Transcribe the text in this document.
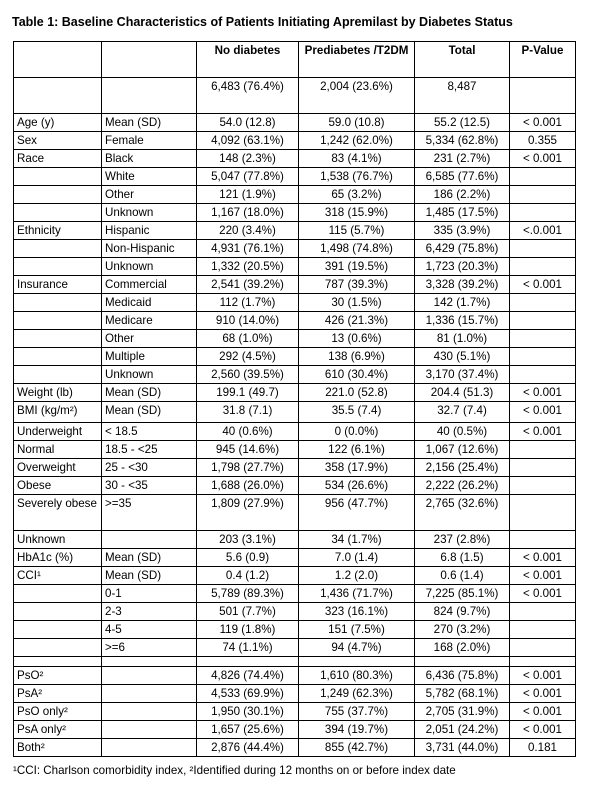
Table 1: Baseline Characteristics of Patients Initiating Apremilast by Diabetes Status
		No diabetes	Prediabetes /T2DM	Total	P-Value
		6,483 (76.4%)	2,004 (23.6%)	8,487	
Age (y)	Mean (SD)	54.0 (12.8)	59.0 (10.8)	55.2 (12.5)	< 0.001
Sex	Female	4,092 (63.1%)	1,242 (62.0%)	5,334 (62.8%)	0.355
Race	Black	148 (2.3%)	83 (4.1%)	231 (2.7%)	< 0.001
	White	5,047 (77.8%)	1,538 (76.7%)	6,585 (77.6%)	
	Other	121 (1.9%)	65 (3.2%)	186 (2.2%)	
	Unknown	1,167 (18.0%)	318 (15.9%)	1,485 (17.5%)	
Ethnicity	Hispanic	220 (3.4%)	115 (5.7%)	335 (3.9%)	<.0.001
	Non-Hispanic	4,931 (76.1%)	1,498 (74.8%)	6,429 (75.8%)	
	Unknown	1,332 (20.5%)	391 (19.5%)	1,723 (20.3%)	
Insurance	Commercial	2,541 (39.2%)	787 (39.3%)	3,328 (39.2%)	< 0.001
	Medicaid	112 (1.7%)	30 (1.5%)	142 (1.7%)	
	Medicare	910 (14.0%)	426 (21.3%)	1,336 (15.7%)	
	Other	68 (1.0%)	13 (0.6%)	81 (1.0%)	
	Multiple	292 (4.5%)	138 (6.9%)	430 (5.1%)	
	Unknown	2,560 (39.5%)	610 (30.4%)	3,170 (37.4%)	
Weight (lb)	Mean (SD)	199.1 (49.7)	221.0 (52.8)	204.4 (51.3)	< 0.001
BMI (kg/m²)	Mean (SD)	31.8 (7.1)	35.5 (7.4)	32.7 (7.4)	< 0.001
Underweight	< 18.5	40 (0.6%)	0 (0.0%)	40 (0.5%)	< 0.001
Normal	18.5 - <25	945 (14.6%)	122 (6.1%)	1,067 (12.6%)	
Overweight	25 - <30	1,798 (27.7%)	358 (17.9%)	2,156 (25.4%)	
Obese	30 - <35	1,688 (26.0%)	534 (26.6%)	2,222 (26.2%)	
Severely obese	>=35	1,809 (27.9%)	956 (47.7%)	2,765 (32.6%)	
Unknown		203 (3.1%)	34 (1.7%)	237 (2.8%)	
HbA1c (%)	Mean (SD)	5.6 (0.9)	7.0 (1.4)	6.8 (1.5)	< 0.001
CCI¹	Mean (SD)	0.4 (1.2)	1.2 (2.0)	0.6 (1.4)	< 0.001
	0-1	5,789 (89.3%)	1,436 (71.7%)	7,225 (85.1%)	< 0.001
	2-3	501 (7.7%)	323 (16.1%)	824 (9.7%)	
	4-5	119 (1.8%)	151 (7.5%)	270 (3.2%)	
	>=6	74 (1.1%)	94 (4.7%)	168 (2.0%)	

PsO²		4,826 (74.4%)	1,610 (80.3%)	6,436 (75.8%)	< 0.001
PsA²		4,533 (69.9%)	1,249 (62.3%)	5,782 (68.1%)	< 0.001
PsO only²		1,950 (30.1%)	755 (37.7%)	2,705 (31.9%)	< 0.001
PsA only²		1,657 (25.6%)	394 (19.7%)	2,051 (24.2%)	< 0.001
Both²		2,876 (44.4%)	855 (42.7%)	3,731 (44.0%)	0.181
¹CCI: Charlson comorbidity index, ²Identified during 12 months on or before index date
